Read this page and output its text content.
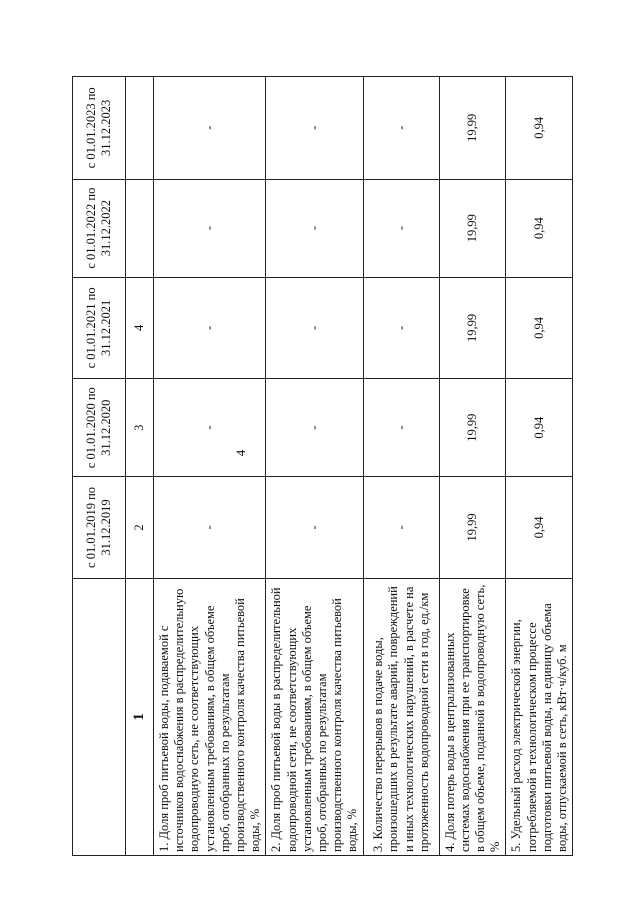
4
	с 01.01.2019 по 31.12.2019	с 01.01.2020 по 31.12.2020	с 01.01.2021 по 31.12.2021	с 01.01.2022 по 31.12.2022	с 01.01.2023 по 31.12.2023
1	2	3	4		
1. Доля проб питьевой воды, подаваемой с источников водоснабжения в распределительную водопроводную сеть, не соответствующих установленным требованиям, в общем объеме проб, отобранных по результатам производственного контроля качества питьевой воды, %	-	-	-	-	-
2. Доля проб питьевой воды в распределительной водопроводной сети, не соответствующих установленным требованиям, в общем объеме проб, отобранных по результатам производственного контроля качества питьевой воды, %	-	-	-	-	-
3. Количество перерывов в подаче воды, произошедших в результате аварий, повреждений и иных технологических нарушений, в расчете на протяженность водопроводной сети в год, ед./км	-	-	-	-	-
4. Доля потерь воды в централизованных системах водоснабжения при ее транспортировке в общем объеме, поданной в водопроводную сеть, %	19,99	19,99	19,99	19,99	19,99
5. Удельный расход электрической энергии, потребляемой в технологическом процессе подготовки питьевой воды, на единицу объема воды, отпускаемой в сеть, кВт·ч/куб. м	0,94	0,94	0,94	0,94	0,94
